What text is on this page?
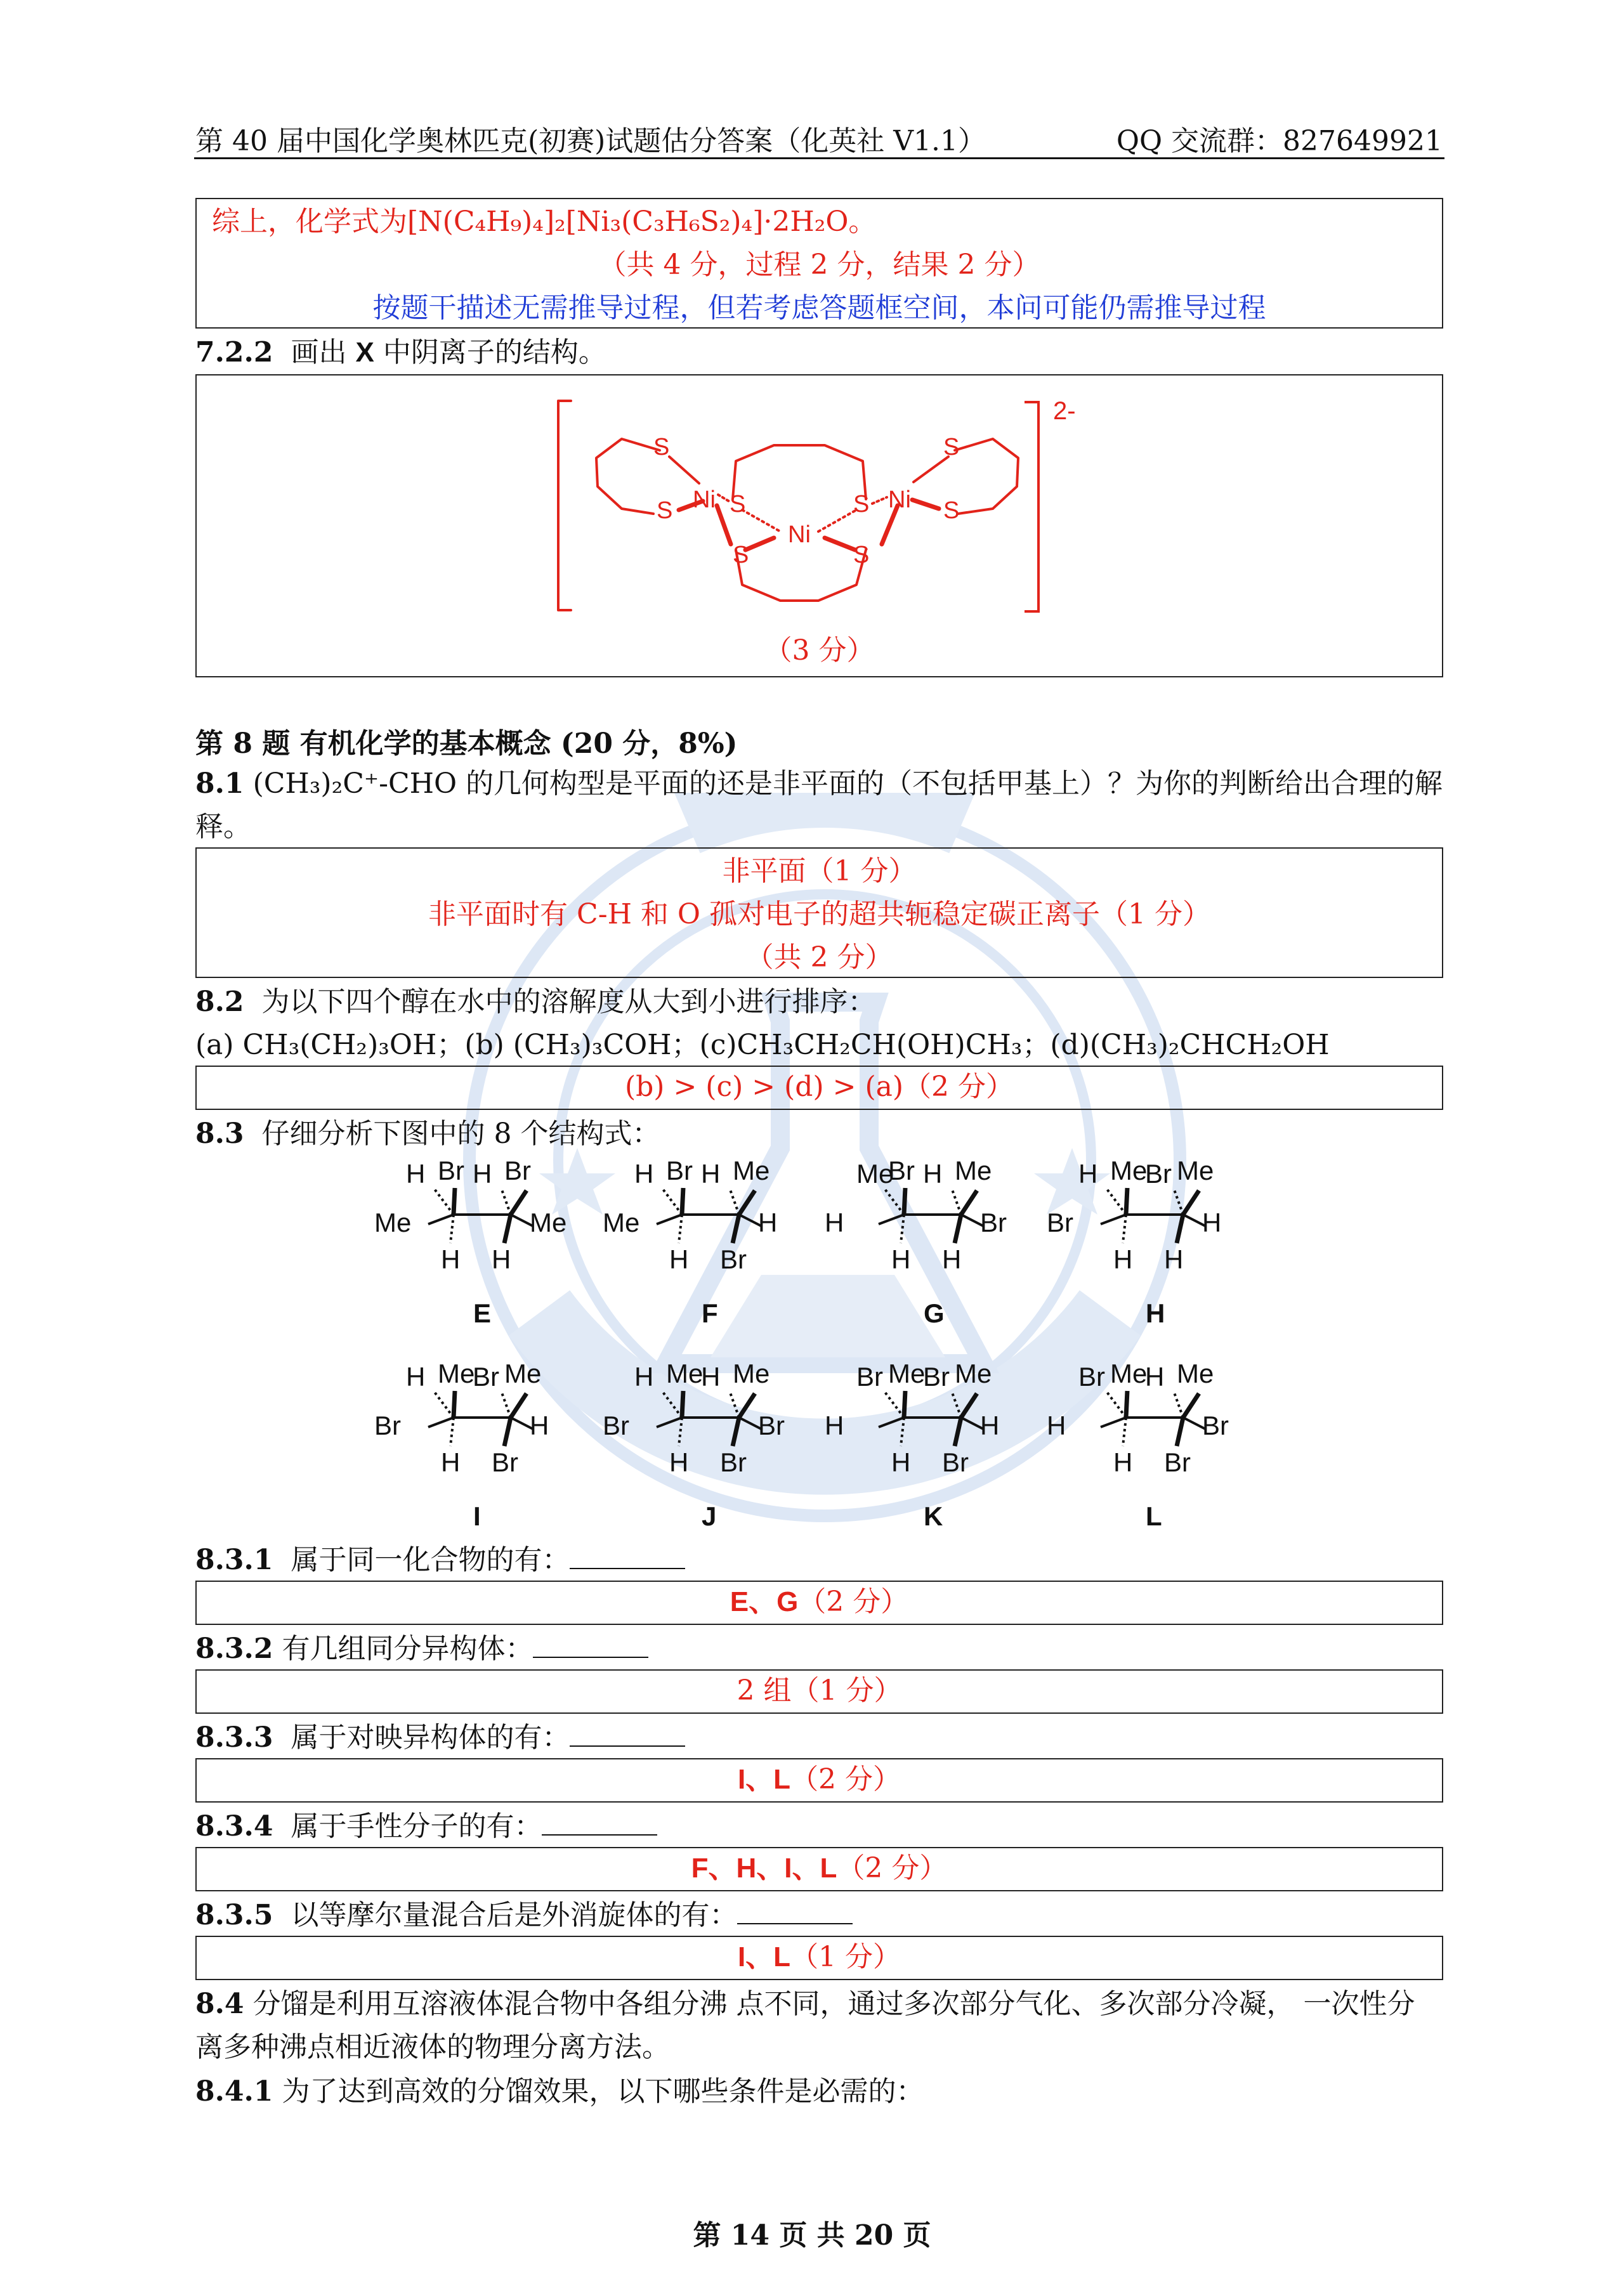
第 40 届中国化学奥林匹克(初赛)试题估分答案（化英社 V1.1）	QQ 交流群：827649921
综上，化学式为[N(C₄H₉)₄]₂[Ni₃(C₃H₆S₂)₄]·2H₂O。
（共 4 分，过程 2 分，结果 2 分）
按题干描述无需推导过程，但若考虑答题框空间，本问可能仍需推导过程
7.2.2 画出 X 中阴离子的结构。
S
S Ni S	S
Ni
S	S
Ni
S
S
2-
（3 分）
第 8 题 有机化学的基本概念 (20 分，8%)
8.1 (CH₃)₂C⁺-CHO 的几何构型是平面的还是非平面的（不包括甲基上）？为你的判断给出合理的解
释。
非平面（1 分）
非平面时有 C-H 和 O 孤对电子的超共轭稳定碳正离子（1 分）
（共 2 分）
8.2 为以下四个醇在水中的溶解度从大到小进行排序：
(a) CH₃(CH₂)₃OH；(b) (CH₃)₃COH；(c)CH₃CH₂CH(OH)CH₃；(d)(CH₃)₂CHCH₂OH
(b) > (c) > (d) > (a)（2 分）
8.3 仔细分析下图中的 8 个结构式：
H Br H Br
Me	Me
H H
E
H Br H Me
Me	H
H Br
F
Me
Br H Me
H	Br
H H
G
H Me
Br Me
Br	H
H H
H
H Me
Br Me
Br	H
H Br
I
H Me
H Me
Br	Br
H Br
J
Br Me
Br Me
H	H
H Br
K
Br Me
H Me
H	Br
H Br
L
8.3.1 属于同一化合物的有：
E、G（2 分）
8.3.2 有几组同分异构体：
2 组（1 分）
8.3.3 属于对映异构体的有：
I、L（2 分）
8.3.4 属于手性分子的有：
F、H、I、L（2 分）
8.3.5 以等摩尔量混合后是外消旋体的有：
I、L（1 分）
8.4 分馏是利用互溶液体混合物中各组分沸 点不同，通过多次部分气化、多次部分冷凝， 一次性分
离多种沸点相近液体的物理分离方法。
8.4.1 为了达到高效的分馏效果，以下哪些条件是必需的：
第 14 页 共 20 页
